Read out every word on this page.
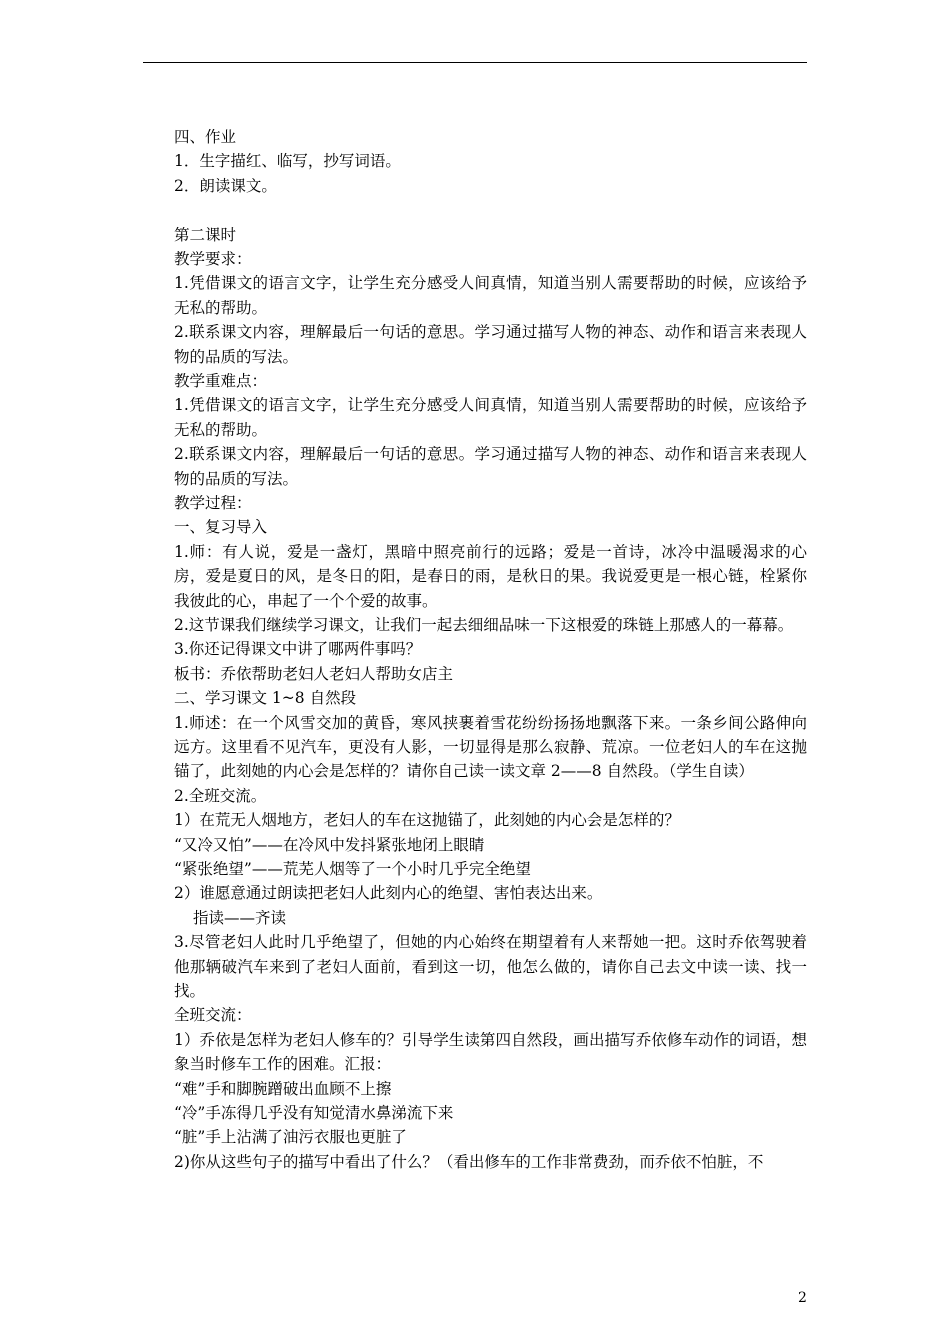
四、作业
1．生字描红、临写，抄写词语。
2．朗读课文。
第二课时
教学要求：
1.凭借课文的语言文字，让学生充分感受人间真情，知道当别人需要帮助的时候，应该给予无私的帮助。
2.联系课文内容，理解最后一句话的意思。学习通过描写人物的神态、动作和语言来表现人物的品质的写法。
教学重难点：
1.凭借课文的语言文字，让学生充分感受人间真情，知道当别人需要帮助的时候，应该给予无私的帮助。
2.联系课文内容，理解最后一句话的意思。学习通过描写人物的神态、动作和语言来表现人物的品质的写法。
教学过程：
一、复习导入
1.师：有人说，爱是一盏灯，黑暗中照亮前行的远路；爱是一首诗，冰冷中温暖渴求的心房，爱是夏日的风，是冬日的阳，是春日的雨，是秋日的果。我说爱更是一根心链，栓紧你我彼此的心，串起了一个个爱的故事。
2.这节课我们继续学习课文，让我们一起去细细品味一下这根爱的珠链上那感人的一幕幕。
3.你还记得课文中讲了哪两件事吗？
板书：乔依帮助老妇人老妇人帮助女店主
二、学习课文 1~8 自然段
1.师述：在一个风雪交加的黄昏，寒风挟裹着雪花纷纷扬扬地飘落下来。一条乡间公路伸向远方。这里看不见汽车，更没有人影，一切显得是那么寂静、荒凉。一位老妇人的车在这抛锚了，此刻她的内心会是怎样的？请你自己读一读文章 2——8 自然段。（学生自读）
2.全班交流。
1）在荒无人烟地方，老妇人的车在这抛锚了，此刻她的内心会是怎样的？
“又冷又怕”——在冷风中发抖紧张地闭上眼睛
“紧张绝望”——荒芜人烟等了一个小时几乎完全绝望
2）谁愿意通过朗读把老妇人此刻内心的绝望、害怕表达出来。
指读——齐读
3.尽管老妇人此时几乎绝望了，但她的内心始终在期望着有人来帮她一把。这时乔依驾驶着他那辆破汽车来到了老妇人面前，看到这一切，他怎么做的，请你自己去文中读一读、找一找。
全班交流：
1）乔依是怎样为老妇人修车的？引导学生读第四自然段，画出描写乔依修车动作的词语，想象当时修车工作的困难。汇报：
“难”手和脚腕蹭破出血顾不上擦
“冷”手冻得几乎没有知觉清水鼻涕流下来
“脏”手上沾满了油污衣服也更脏了
2)你从这些句子的描写中看出了什么？（看出修车的工作非常费劲，而乔依不怕脏，不
2
